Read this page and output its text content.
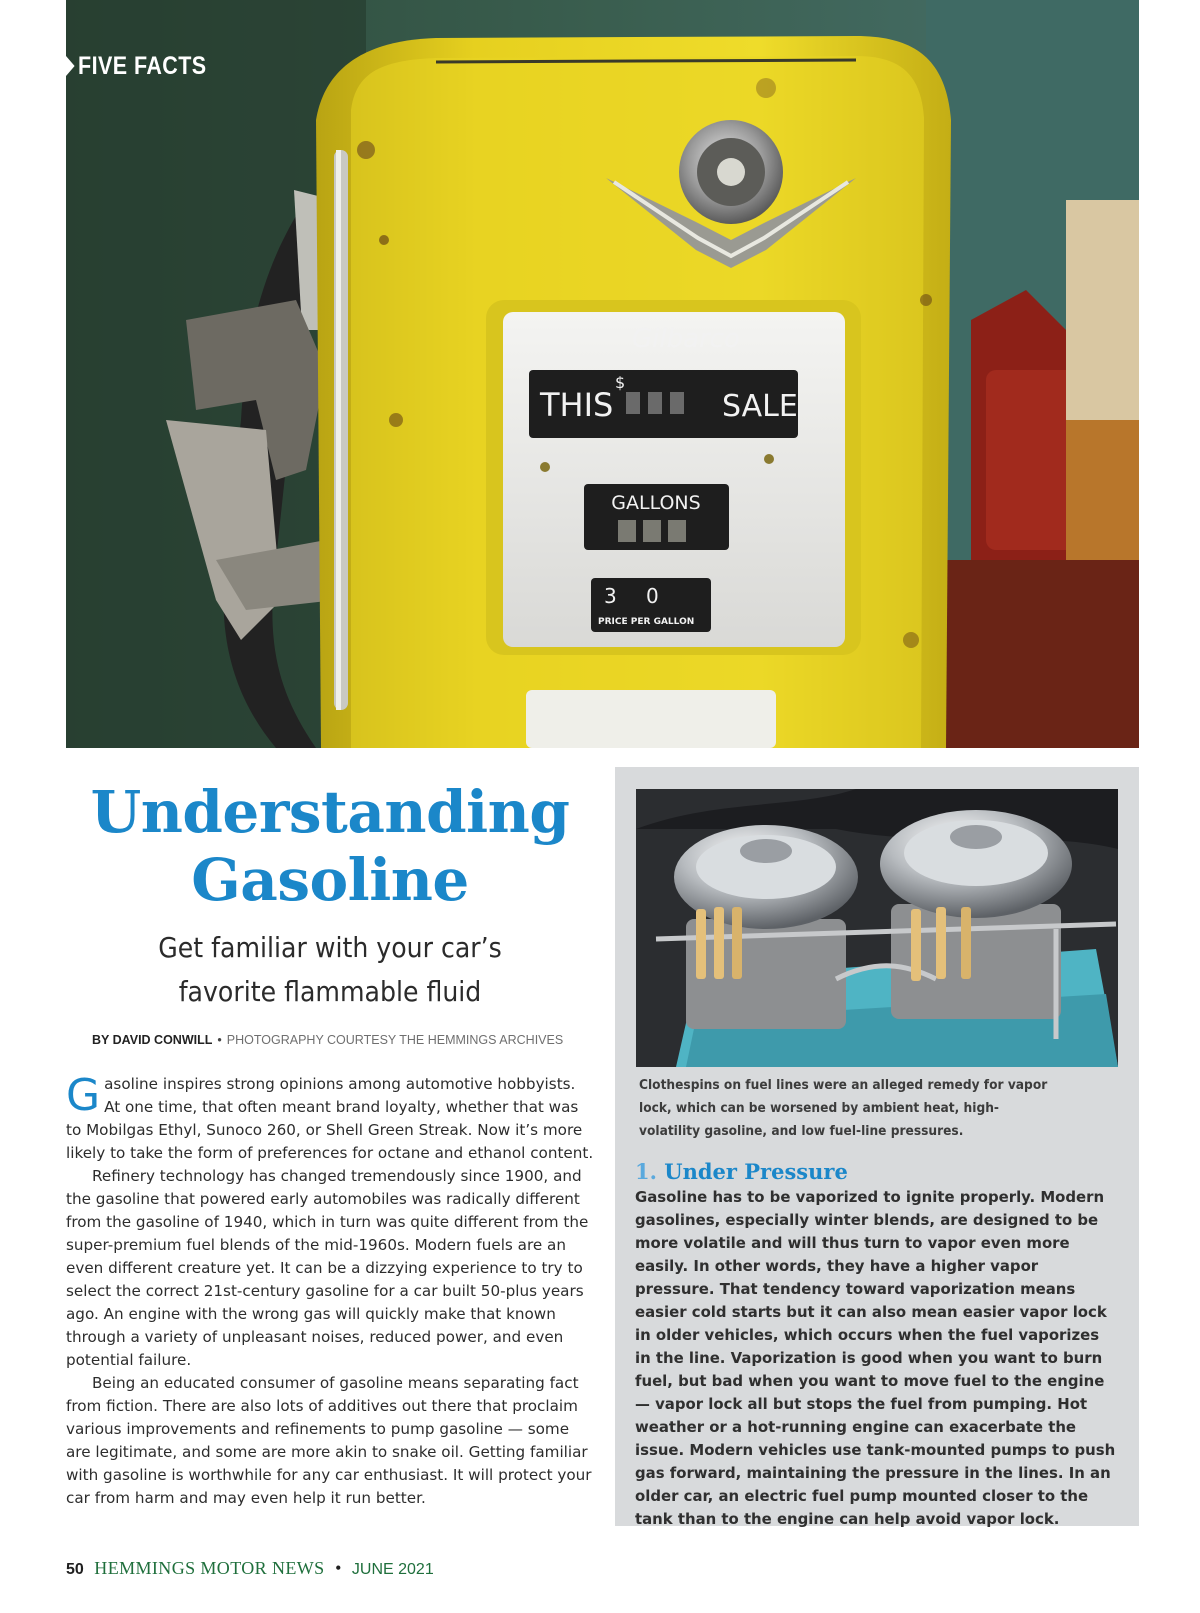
Gilbarco
THIS
$
SALE
GALLONS
3 0
PRICE PER GALLON
FIVE FACTS
Understanding
Gasoline
Get familiar with your car’s
favorite flammable fluid
BY DAVID CONWILL • PHOTOGRAPHY COURTESY THE HEMMINGS ARCHIVES

Gasoline inspires strong opinions among automotive hobbyists. At one time, that often meant brand loyalty, whether that was to Mobilgas Ethyl, Sunoco 260, or Shell Green Streak. Now it’s more likely to take the form of preferences for octane and ethanol content.

Refinery technology has changed tremendously since 1900, and the gasoline that powered early automobiles was radically different from the gasoline of 1940, which in turn was quite different from the super-premium fuel blends of the mid-1960s. Modern fuels are an even different creature yet. It can be a dizzying experience to try to select the correct 21st-century gasoline for a car built 50-plus years ago. An engine with the wrong gas will quickly make that known through a variety of unpleasant noises, reduced power, and even potential failure.

Being an educated consumer of gasoline means separating fact from fiction. There are also lots of additives out there that proclaim various improvements and refinements to pump gasoline — some are legitimate, and some are more akin to snake oil. Getting familiar with gasoline is worthwhile for any car enthusiast. It will protect your car from harm and may even help it run better.

Clothespins on fuel lines were an alleged remedy for vapor lock, which can be worsened by ambient heat, high-volatility gasoline, and low fuel-line pressures.

1. Under Pressure

Gasoline has to be vaporized to ignite properly. Modern gasolines, especially winter blends, are designed to be more volatile and will thus turn to vapor even more easily. In other words, they have a higher vapor pressure. That tendency toward vaporization means easier cold starts but it can also mean easier vapor lock in older vehicles, which occurs when the fuel vaporizes in the line. Vaporization is good when you want to burn fuel, but bad when you want to move fuel to the engine — vapor lock all but stops the fuel from pumping. Hot weather or a hot-running engine can exacerbate the issue. Modern vehicles use tank-mounted pumps to push gas forward, maintaining the pressure in the lines. In an older car, an electric fuel pump mounted closer to the tank than to the engine can help avoid vapor lock.

50 HEMMINGS MOTOR NEWS • JUNE 2021
